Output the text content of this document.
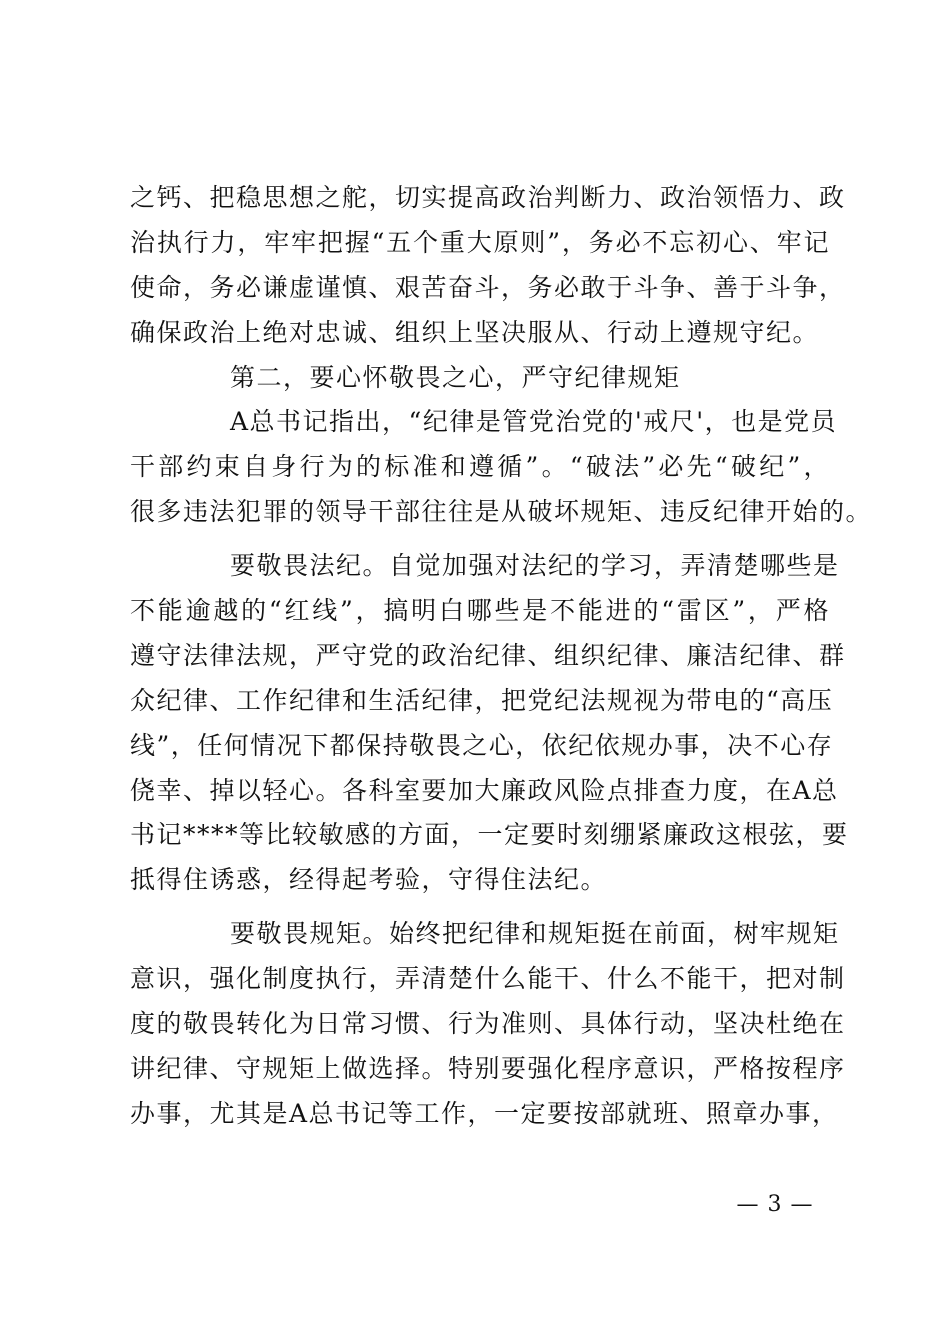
之钙、把稳思想之舵，切实提高政治判断力、政治领悟力、政
治执行力，牢牢把握“五个重大原则”，务必不忘初心、牢记
使命，务必谦虚谨慎、艰苦奋斗，务必敢于斗争、善于斗争，
确保政治上绝对忠诚、组织上坚决服从、行动上遵规守纪。
第二，要心怀敬畏之心，严守纪律规矩
A总书记指出，“纪律是管党治党的'戒尺'，也是党员
干部约束自身行为的标准和遵循”。“破法”必先“破纪”，
很多违法犯罪的领导干部往往是从破坏规矩、违反纪律开始的。
要敬畏法纪。自觉加强对法纪的学习，弄清楚哪些是
不能逾越的“红线”，搞明白哪些是不能进的“雷区”，严格
遵守法律法规，严守党的政治纪律、组织纪律、廉洁纪律、群
众纪律、工作纪律和生活纪律，把党纪法规视为带电的“高压
线”，任何情况下都保持敬畏之心，依纪依规办事，决不心存
侥幸、掉以轻心。各科室要加大廉政风险点排查力度，在A总
书记****等比较敏感的方面，一定要时刻绷紧廉政这根弦，要
抵得住诱惑，经得起考验，守得住法纪。
要敬畏规矩。始终把纪律和规矩挺在前面，树牢规矩
意识，强化制度执行，弄清楚什么能干、什么不能干，把对制
度的敬畏转化为日常习惯、行为准则、具体行动，坚决杜绝在
讲纪律、守规矩上做选择。特别要强化程序意识，严格按程序
办事，尤其是A总书记等工作，一定要按部就班、照章办事，
— 3 —
